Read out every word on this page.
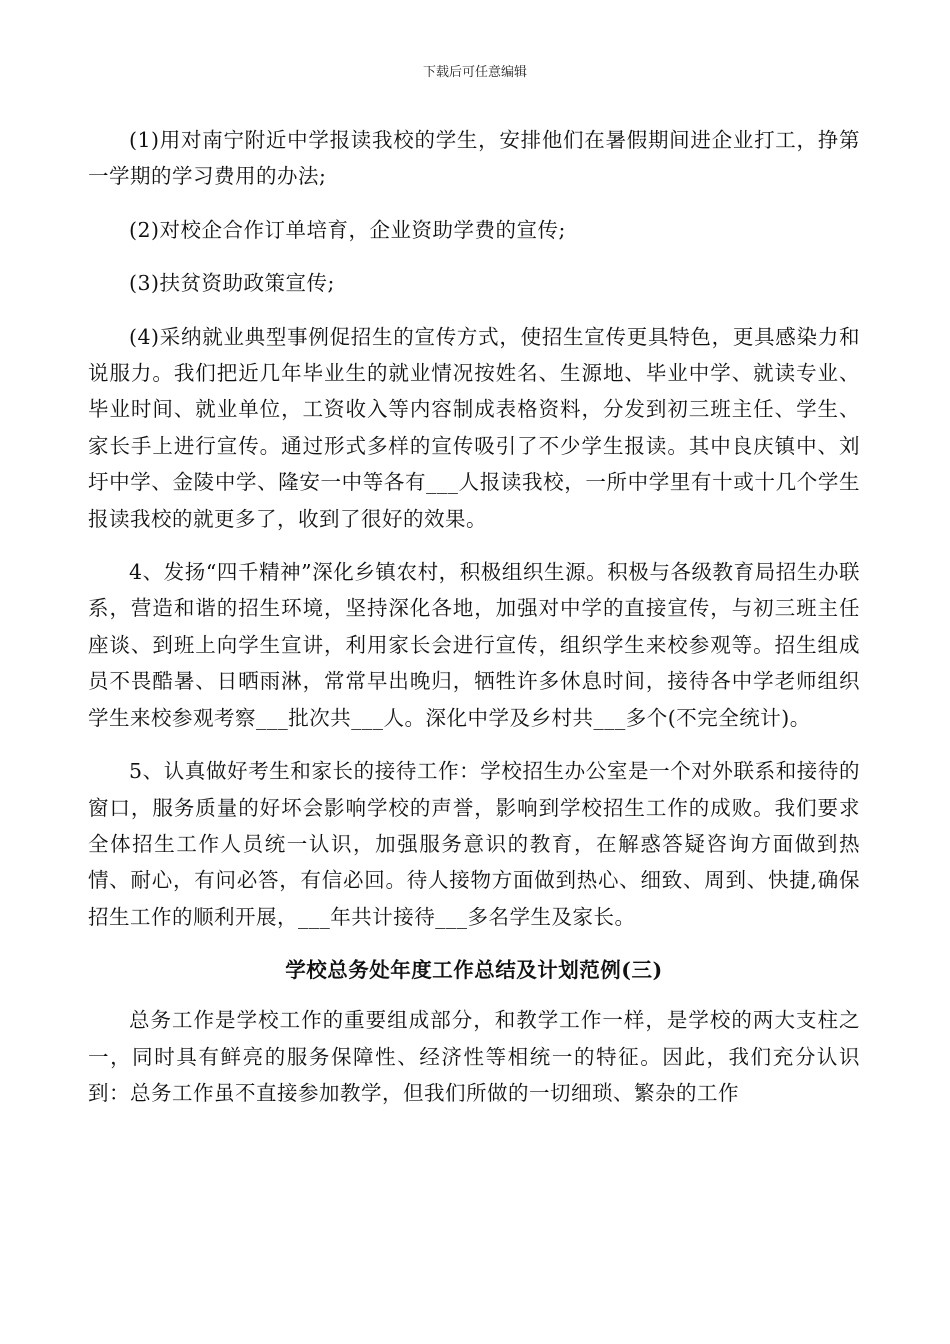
下载后可任意编辑

(1)用对南宁附近中学报读我校的学生，安排他们在暑假期间进企业打工，挣第一学期的学习费用的办法;

(2)对校企合作订单培育，企业资助学费的宣传;

(3)扶贫资助政策宣传;

(4)采纳就业典型事例促招生的宣传方式，使招生宣传更具特色，更具感染力和说服力。我们把近几年毕业生的就业情况按姓名、生源地、毕业中学、就读专业、毕业时间、就业单位，工资收入等内容制成表格资料，分发到初三班主任、学生、家长手上进行宣传。通过形式多样的宣传吸引了不少学生报读。其中良庆镇中、刘圩中学、金陵中学、隆安一中等各有___人报读我校，一所中学里有十或十几个学生报读我校的就更多了，收到了很好的效果。

4、发扬“四千精神”深化乡镇农村，积极组织生源。积极与各级教育局招生办联系，营造和谐的招生环境，坚持深化各地，加强对中学的直接宣传，与初三班主任座谈、到班上向学生宣讲，利用家长会进行宣传，组织学生来校参观等。招生组成员不畏酷暑、日晒雨淋，常常早出晚归，牺牲许多休息时间，接待各中学老师组织学生来校参观考察___批次共___人。深化中学及乡村共___多个(不完全统计)。

5、认真做好考生和家长的接待工作：学校招生办公室是一个对外联系和接待的窗口，服务质量的好坏会影响学校的声誉，影响到学校招生工作的成败。我们要求全体招生工作人员统一认识，加强服务意识的教育，在解惑答疑咨询方面做到热情、耐心，有问必答，有信必回。待人接物方面做到热心、细致、周到、快捷,确保招生工作的顺利开展，___年共计接待___多名学生及家长。

学校总务处年度工作总结及计划范例(三)

总务工作是学校工作的重要组成部分，和教学工作一样，是学校的两大支柱之一，同时具有鲜亮的服务保障性、经济性等相统一的特征。因此，我们充分认识到：总务工作虽不直接参加教学，但我们所做的一切细琐、繁杂的工作
